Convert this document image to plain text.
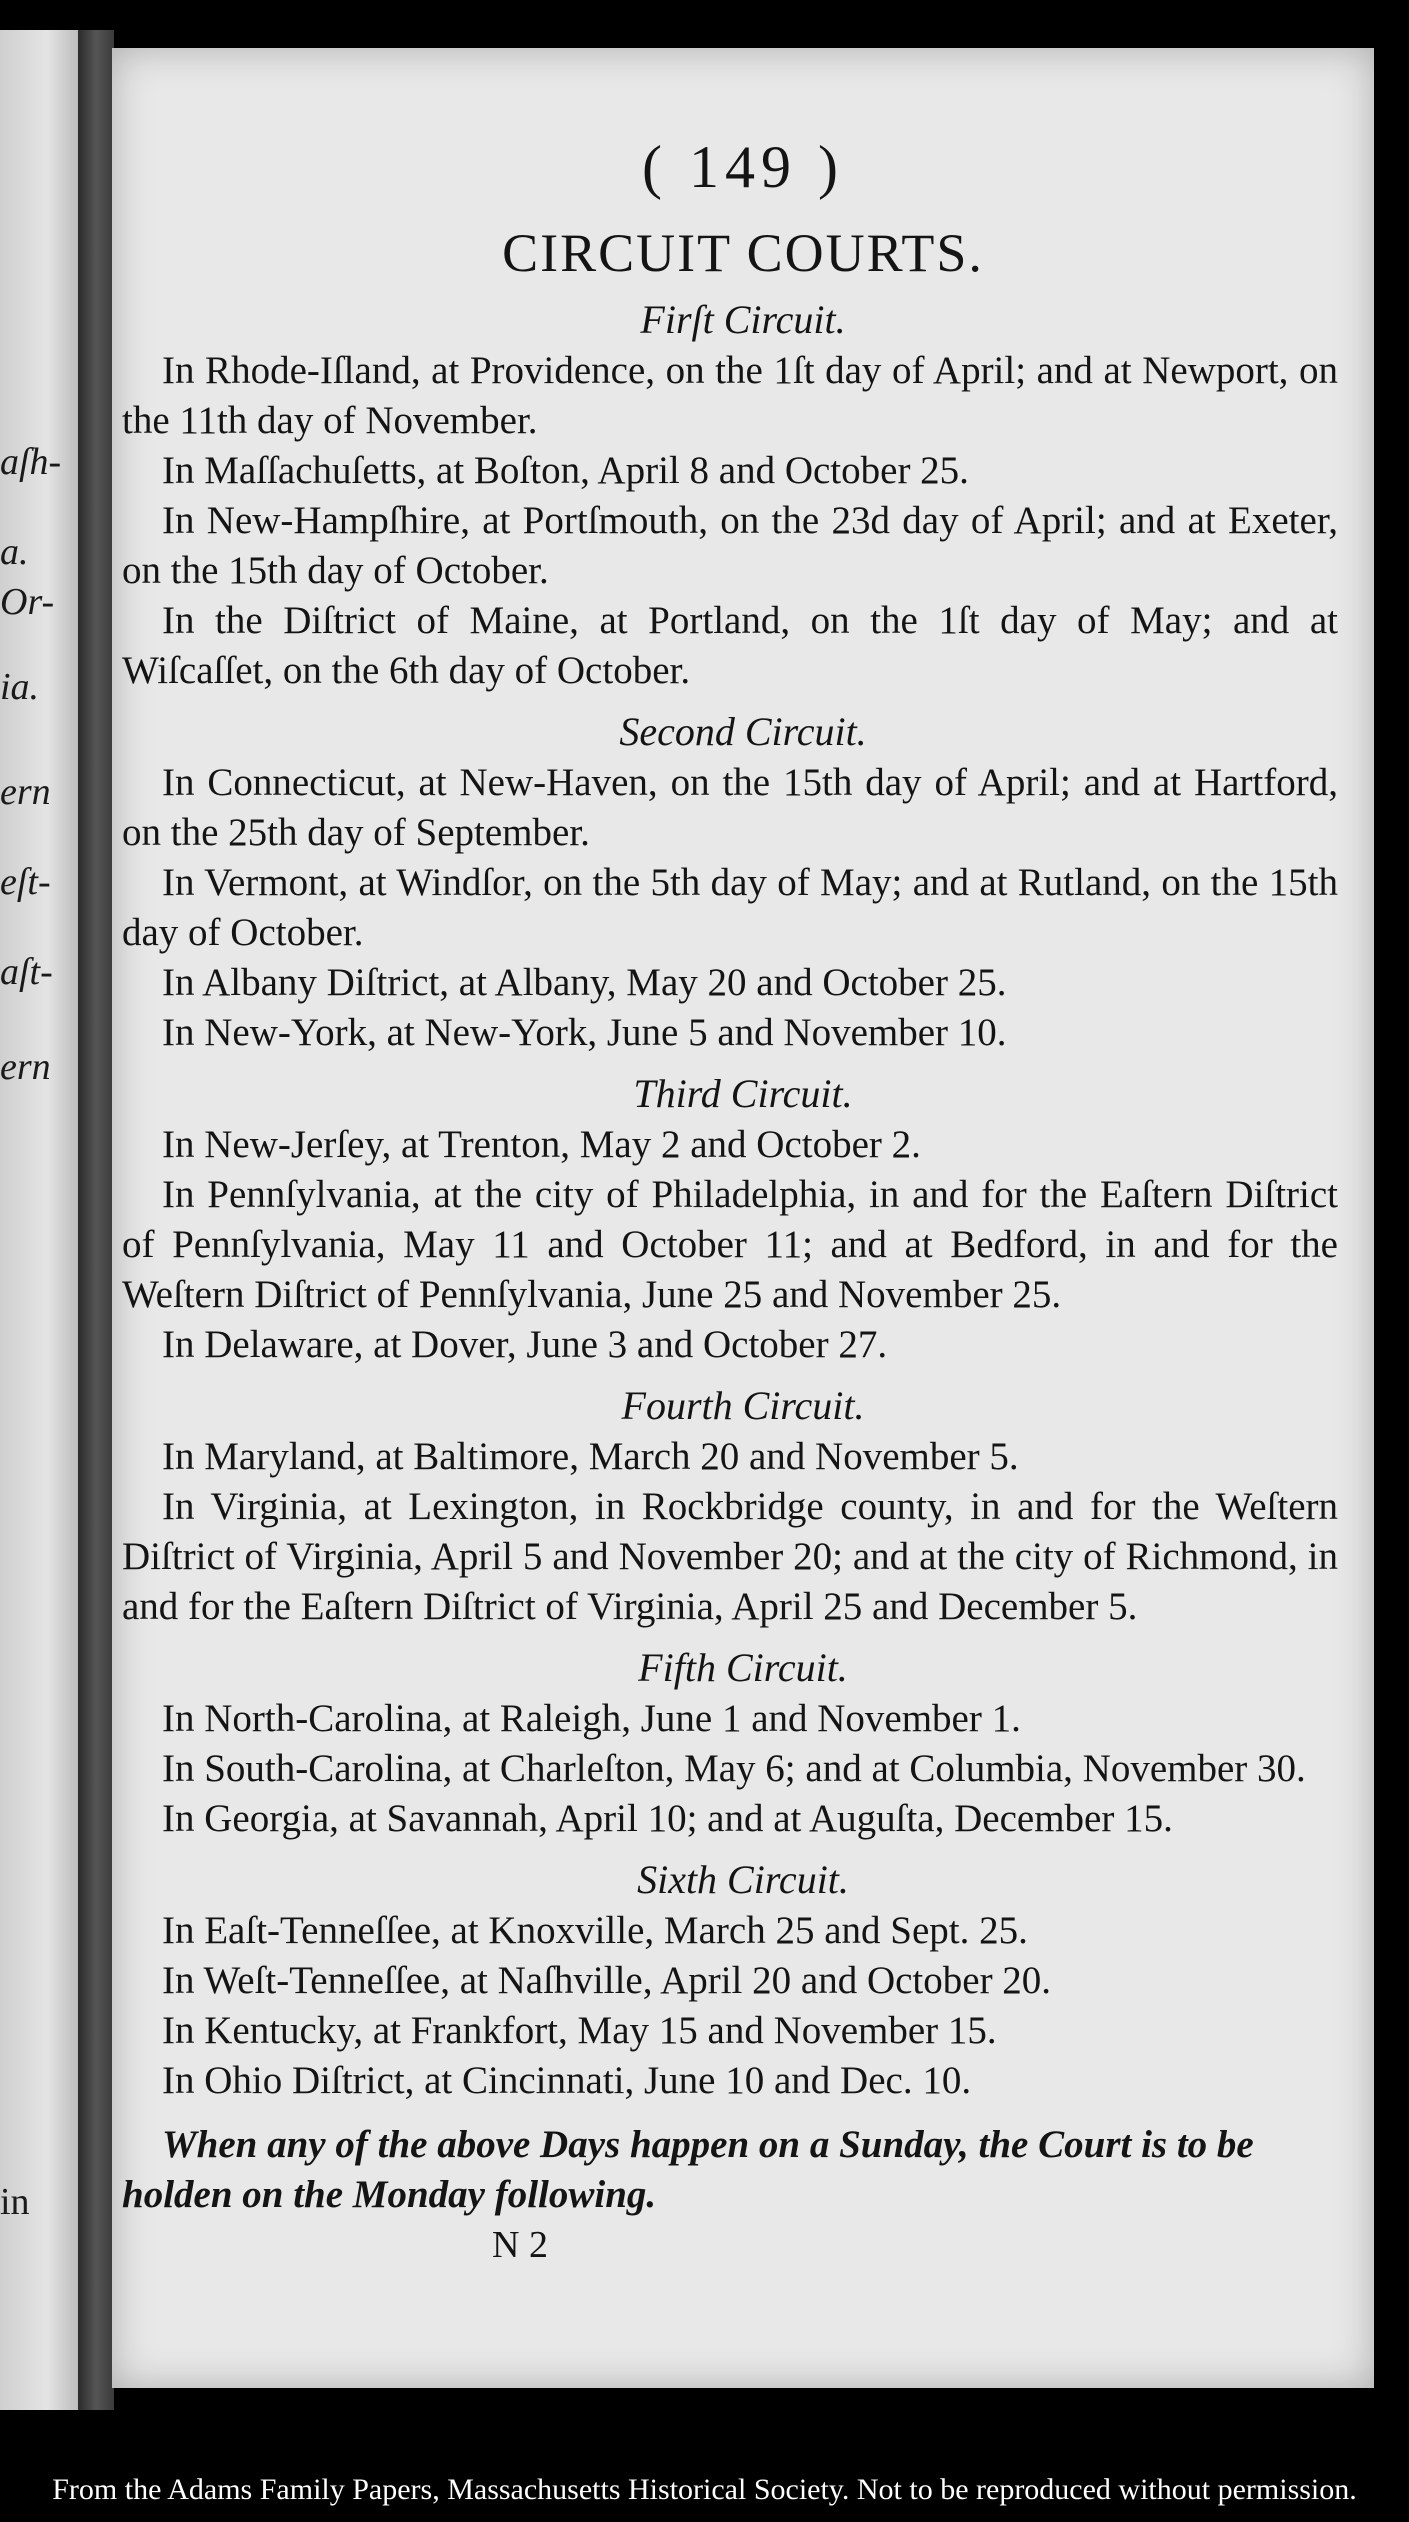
aſh-
a.
Or-
ia.
ern
eſt-
aſt-
ern
in
( 149 )
CIRCUIT COURTS.
Firſt Circuit.
In Rhode-Iſland, at Providence, on the 1ſt day of April; and at Newport, on the 11th day of November.
In Maſſachuſetts, at Boſton, April 8 and October 25.
In New-Hampſhire, at Portſmouth, on the 23d day of April; and at Exeter, on the 15th day of October.
In the Diſtrict of Maine, at Portland, on the 1ſt day of May; and at Wiſcaſſet, on the 6th day of October.
Second Circuit.
In Connecticut, at New-Haven, on the 15th day of April; and at Hartford, on the 25th day of September.
In Vermont, at Windſor, on the 5th day of May; and at Rutland, on the 15th day of October.
In Albany Diſtrict, at Albany, May 20 and October 25.
In New-York, at New-York, June 5 and November 10.
Third Circuit.
In New-Jerſey, at Trenton, May 2 and October 2.
In Pennſylvania, at the city of Philadelphia, in and for the Eaſtern Diſtrict of Pennſylvania, May 11 and October 11; and at Bedford, in and for the Weſtern Diſtrict of Pennſylvania, June 25 and November 25.
In Delaware, at Dover, June 3 and October 27.
Fourth Circuit.
In Maryland, at Baltimore, March 20 and November 5.
In Virginia, at Lexington, in Rockbridge county, in and for the Weſtern Diſtrict of Virginia, April 5 and November 20; and at the city of Richmond, in and for the Eaſtern Diſtrict of Virginia, April 25 and December 5.
Fifth Circuit.
In North-Carolina, at Raleigh, June 1 and November 1.
In South-Carolina, at Charleſton, May 6; and at Columbia, November 30.
In Georgia, at Savannah, April 10; and at Auguſta, December 15.
Sixth Circuit.
In Eaſt-Tenneſſee, at Knoxville, March 25 and Sept. 25.
In Weſt-Tenneſſee, at Naſhville, April 20 and October 20.
In Kentucky, at Frankfort, May 15 and November 15.
In Ohio Diſtrict, at Cincinnati, June 10 and Dec. 10.
When any of the above Days happen on a Sunday, the Court is to be holden on the Monday following.
N 2
From the Adams Family Papers, Massachusetts Historical Society. Not to be reproduced without permission.
